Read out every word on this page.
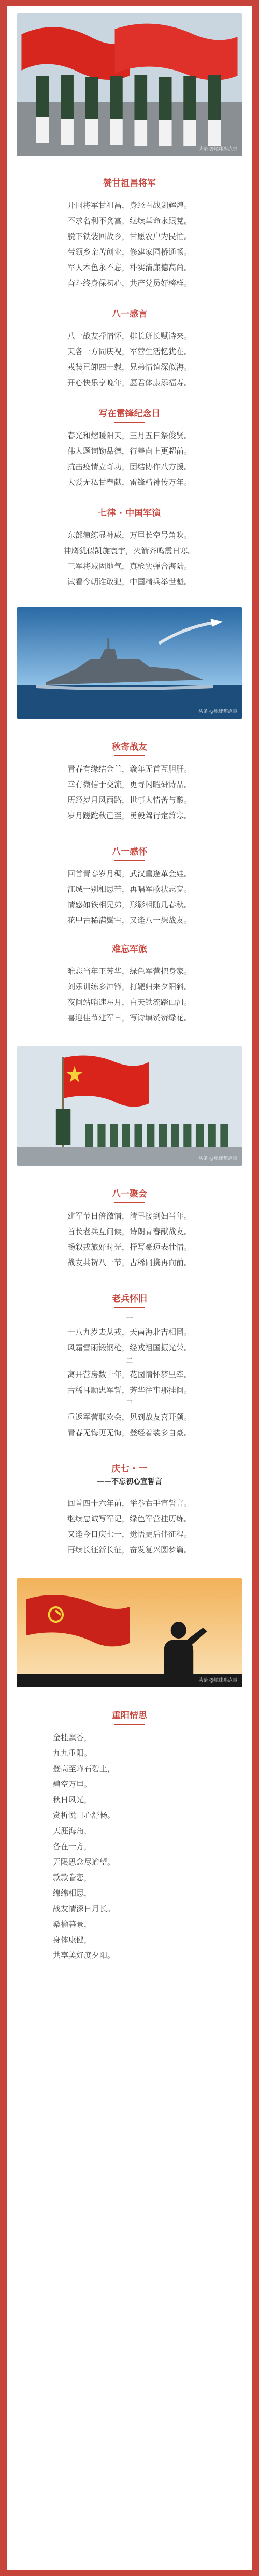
头条 @地球那点事

赞甘祖昌将军

开国将军甘祖昌，身经百战剑辉煌。
不求名利不贪富，继续革命永跟党。
脱下铁装回故乡，甘愿农户为民忙。
带领乡亲苦创业，修建家园桥通畅。
军人本色永不忘，朴实清廉德高尚。
奋斗终身保初心，共产党员好榜样。

八一感言

八一战友抒情怀，排长班长赋诗来。
天各一方同庆祝，军营生活忆犹在。
戎装已卸四十载，兄弟情谊深似海。
开心快乐享晚年，愿君体康添福寿。

写在雷锋纪念日

春光和熠暖阳天，三月五日祭俊贤。
伟人题词勤品德，行善向上更超前。
抗击疫情立奇功，团结协作八方援。
大爱无私甘奉献，雷锋精神传万年。

七律 · 中国军演

东部演练显神威，万里长空号角吹。
神鹰犹似凯旋寰宇，火箭齐鸣震日寒。
三军将域固地气，真枪实弹合海陆。
试看今朝谁敢犯，中国精兵举世魁。
头条 @地球那点事

秋寄战友

青春有缘结金兰，羲年无首互胆肝。
幸有微信于交流，更寻闲暇研诗品。
历经岁月风雨路，世事人情苦与酸。
岁月蹉跎秋已至，勇毅驾行定箫寒。

八一感怀

回首青春岁月稠，武汉重逢革金娃。
江城一别相思苦，再唱军歌状志宽。
情感如铁相兄弟，形影相随几春秋。
花甲古稀满鬓雪，又逢八一想战友。

难忘军旅

难忘当年正芳华，绿色军营把身家。
刘乐训练多冲锋，打靶归来夕阳斜。
夜间站哨速星月，白天铁流踏山河。
喜迎佳节建军日，写诗填赞赞绿花。
头条 @地球那点事

八一聚会

建军节日倍激情，清早接到妇当年。
首长老兵互问候，诗朗青春献战友。
畅叙戎旅好时光，抒写豪迈表壮情。
战友共贺八一节，古稀同携再向前。

老兵怀旧

一
十八九岁去从戎，天南海北吉相同。
风霜雪雨锻钢枪，经戎祖国振光荣。
二
离开营房数十年，花园情怀梦里牵。
古稀耳顺忠军誓，芳华往事那挂间。
三
重返军营联欢会，见到战友喜开颜。
青春无悔更无悔，登经着装多自豪。

庆七 · 一

——不忘初心宣誓言

回首四十六年前，举拳右手宣誓言。
继续忠诚写军记，绿色军营挂历练。
又逢今日庆七一，觉悟更后伴征程。
再续长征新长征，奋发复兴圆梦篇。
头条 @地球那点事

重阳情思

金桂飘香，
九九重阳。
登高至峰石碧上，
碧空万里。
秋日风光，
赏析悦目心舒畅。
天涯海角，
各在一方，
无限思念尽逾望。
款款眷恋，
绵绵相思，
战友情深日月长。
桑榆暮景，
身体康健，
共享美好度夕阳。
